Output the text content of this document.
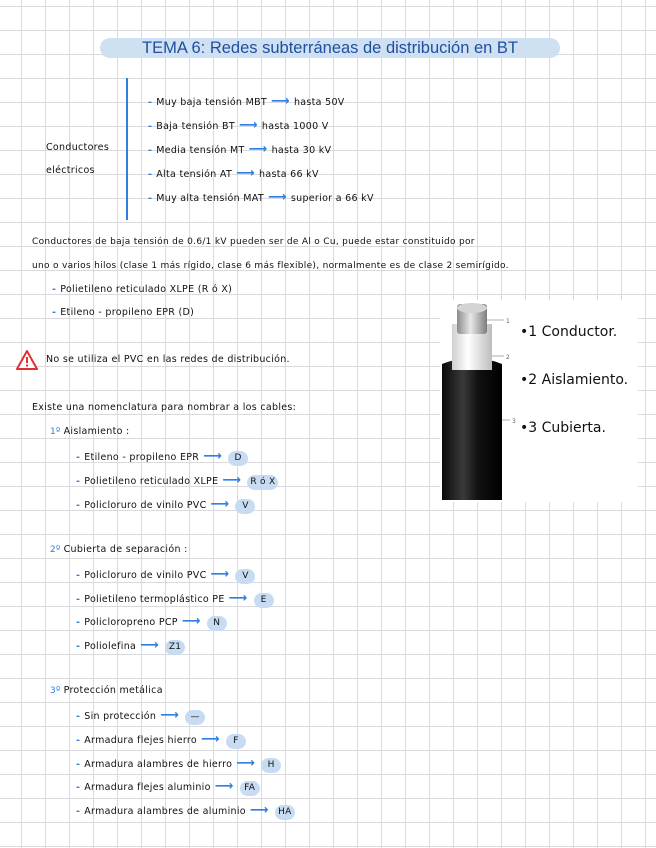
TEMA 6: Redes subterráneas de distribución en BT
Conductores
eléctricos
- Muy baja tensión MBT ⟶ hasta 50V
- Baja tensión BT ⟶ hasta 1000 V
- Media tensión MT ⟶ hasta 30 kV
- Alta tensión AT ⟶ hasta 66 kV
- Muy alta tensión MAT ⟶ superior a 66 kV
Conductores de baja tensión de 0.6/1 kV pueden ser de Al o Cu, puede estar constituido por
uno o varios hilos (clase 1 más rígido, clase 6 más flexible), normalmente es de clase 2 semirígido.
- Polietileno reticulado XLPE (R ó X)
- Etileno - propileno EPR (D)
No se utiliza el PVC en las redes de distribución.
Existe una nomenclatura para nombrar a los cables:
1º Aislamiento :
- Etileno - propileno EPR ⟶ D
- Polietileno reticulado XLPE ⟶ R ó X
- Policloruro de vinilo PVC ⟶ V
2º Cubierta de separación :
- Policloruro de vinilo PVC ⟶ V
- Polietileno termoplástico PE ⟶ E
- Policloropreno PCP ⟶ N
- Poliolefina ⟶ Z1
3º Protección metálica
- Sin protección ⟶ —
- Armadura flejes hierro ⟶ F
- Armadura alambres de hierro ⟶ H
- Armadura flejes aluminio ⟶ FA
- Armadura alambres de aluminio ⟶ HA
1
2
3
•1 Conductor.
•2 Aislamiento.
•3 Cubierta.
